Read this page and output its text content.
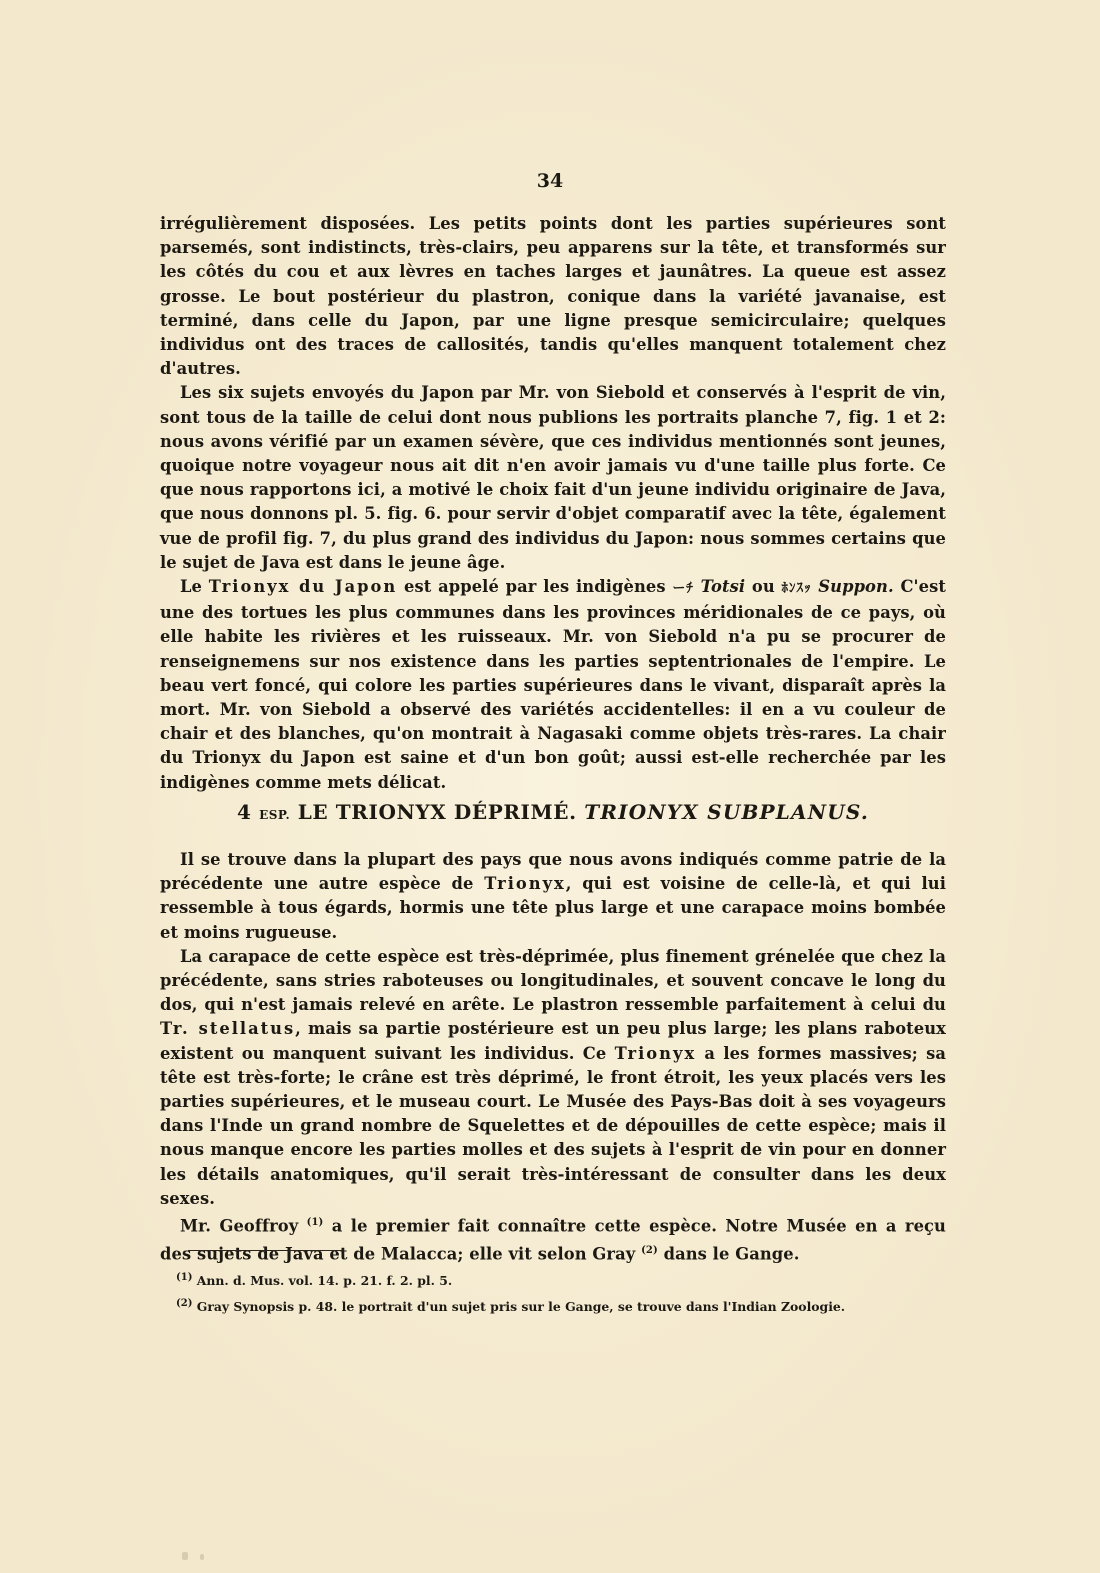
34

irrégulièrement disposées. Les petits points dont les parties supérieures sont parsemés, sont indistincts, très-clairs, peu apparens sur la tête, et transformés sur les côtés du cou et aux lèvres en taches larges et jaunâtres. La queue est assez grosse. Le bout postérieur du plastron, conique dans la variété javanaise, est terminé, dans celle du Japon, par une ligne presque semicirculaire; quelques individus ont des traces de callosités, tandis qu'elles manquent totalement chez d'autres.

Les six sujets envoyés du Japon par Mr. von Siebold et conservés à l'esprit de vin, sont tous de la taille de celui dont nous publions les portraits planche 7, fig. 1 et 2: nous avons vérifié par un examen sévère, que ces individus mentionnés sont jeunes, quoique notre voyageur nous ait dit n'en avoir jamais vu d'une taille plus forte. Ce que nous rapportons ici, a motivé le choix fait d'un jeune individu originaire de Java, que nous donnons pl. 5. fig. 6. pour servir d'objet comparatif avec la tête, également vue de profil fig. 7, du plus grand des individus du Japon: nous sommes certains que le sujet de Java est dans le jeune âge.

Le Trionyx du Japon est appelé par les indigènes ーﾁ Totsi ou ﾎﾝｽｯ Suppon. C'est une des tortues les plus communes dans les provinces méridionales de ce pays, où elle habite les rivières et les ruisseaux. Mr. von Siebold n'a pu se procurer de renseignemens sur nos existence dans les parties septentrionales de l'empire. Le beau vert foncé, qui colore les parties supérieures dans le vivant, disparaît après la mort. Mr. von Siebold a observé des variétés accidentelles: il en a vu couleur de chair et des blanches, qu'on montrait à Nagasaki comme objets très-rares. La chair du Trionyx du Japon est saine et d'un bon goût; aussi est-elle recherchée par les indigènes comme mets délicat.

4 ESP. LE TRIONYX DÉPRIMÉ. TRIONYX SUBPLANUS.

Il se trouve dans la plupart des pays que nous avons indiqués comme patrie de la précédente une autre espèce de Trionyx, qui est voisine de celle-là, et qui lui ressemble à tous égards, hormis une tête plus large et une carapace moins bombée et moins rugueuse.

La carapace de cette espèce est très-déprimée, plus finement grénelée que chez la précédente, sans stries raboteuses ou longitudinales, et souvent concave le long du dos, qui n'est jamais relevé en arête. Le plastron ressemble parfaitement à celui du Tr. stellatus, mais sa partie postérieure est un peu plus large; les plans raboteux existent ou manquent suivant les individus. Ce Trionyx a les formes massives; sa tête est très-forte; le crâne est très déprimé, le front étroit, les yeux placés vers les parties supérieures, et le museau court. Le Musée des Pays-Bas doit à ses voyageurs dans l'Inde un grand nombre de Squelettes et de dépouilles de cette espèce; mais il nous manque encore les parties molles et des sujets à l'esprit de vin pour en donner les détails anatomiques, qu'il serait très-intéressant de consulter dans les deux sexes.

Mr. Geoffroy $^{(1)}$ a le premier fait connaître cette espèce. Notre Musée en a reçu des sujets de Java et de Malacca; elle vit selon Gray $^{(2)}$ dans le Gange.

$^{(1)}$ Ann. d. Mus. vol. 14. p. 21. f. 2. pl. 5.
$^{(2)}$ Gray Synopsis p. 48. le portrait d'un sujet pris sur le Gange, se trouve dans l'Indian Zoologie.
